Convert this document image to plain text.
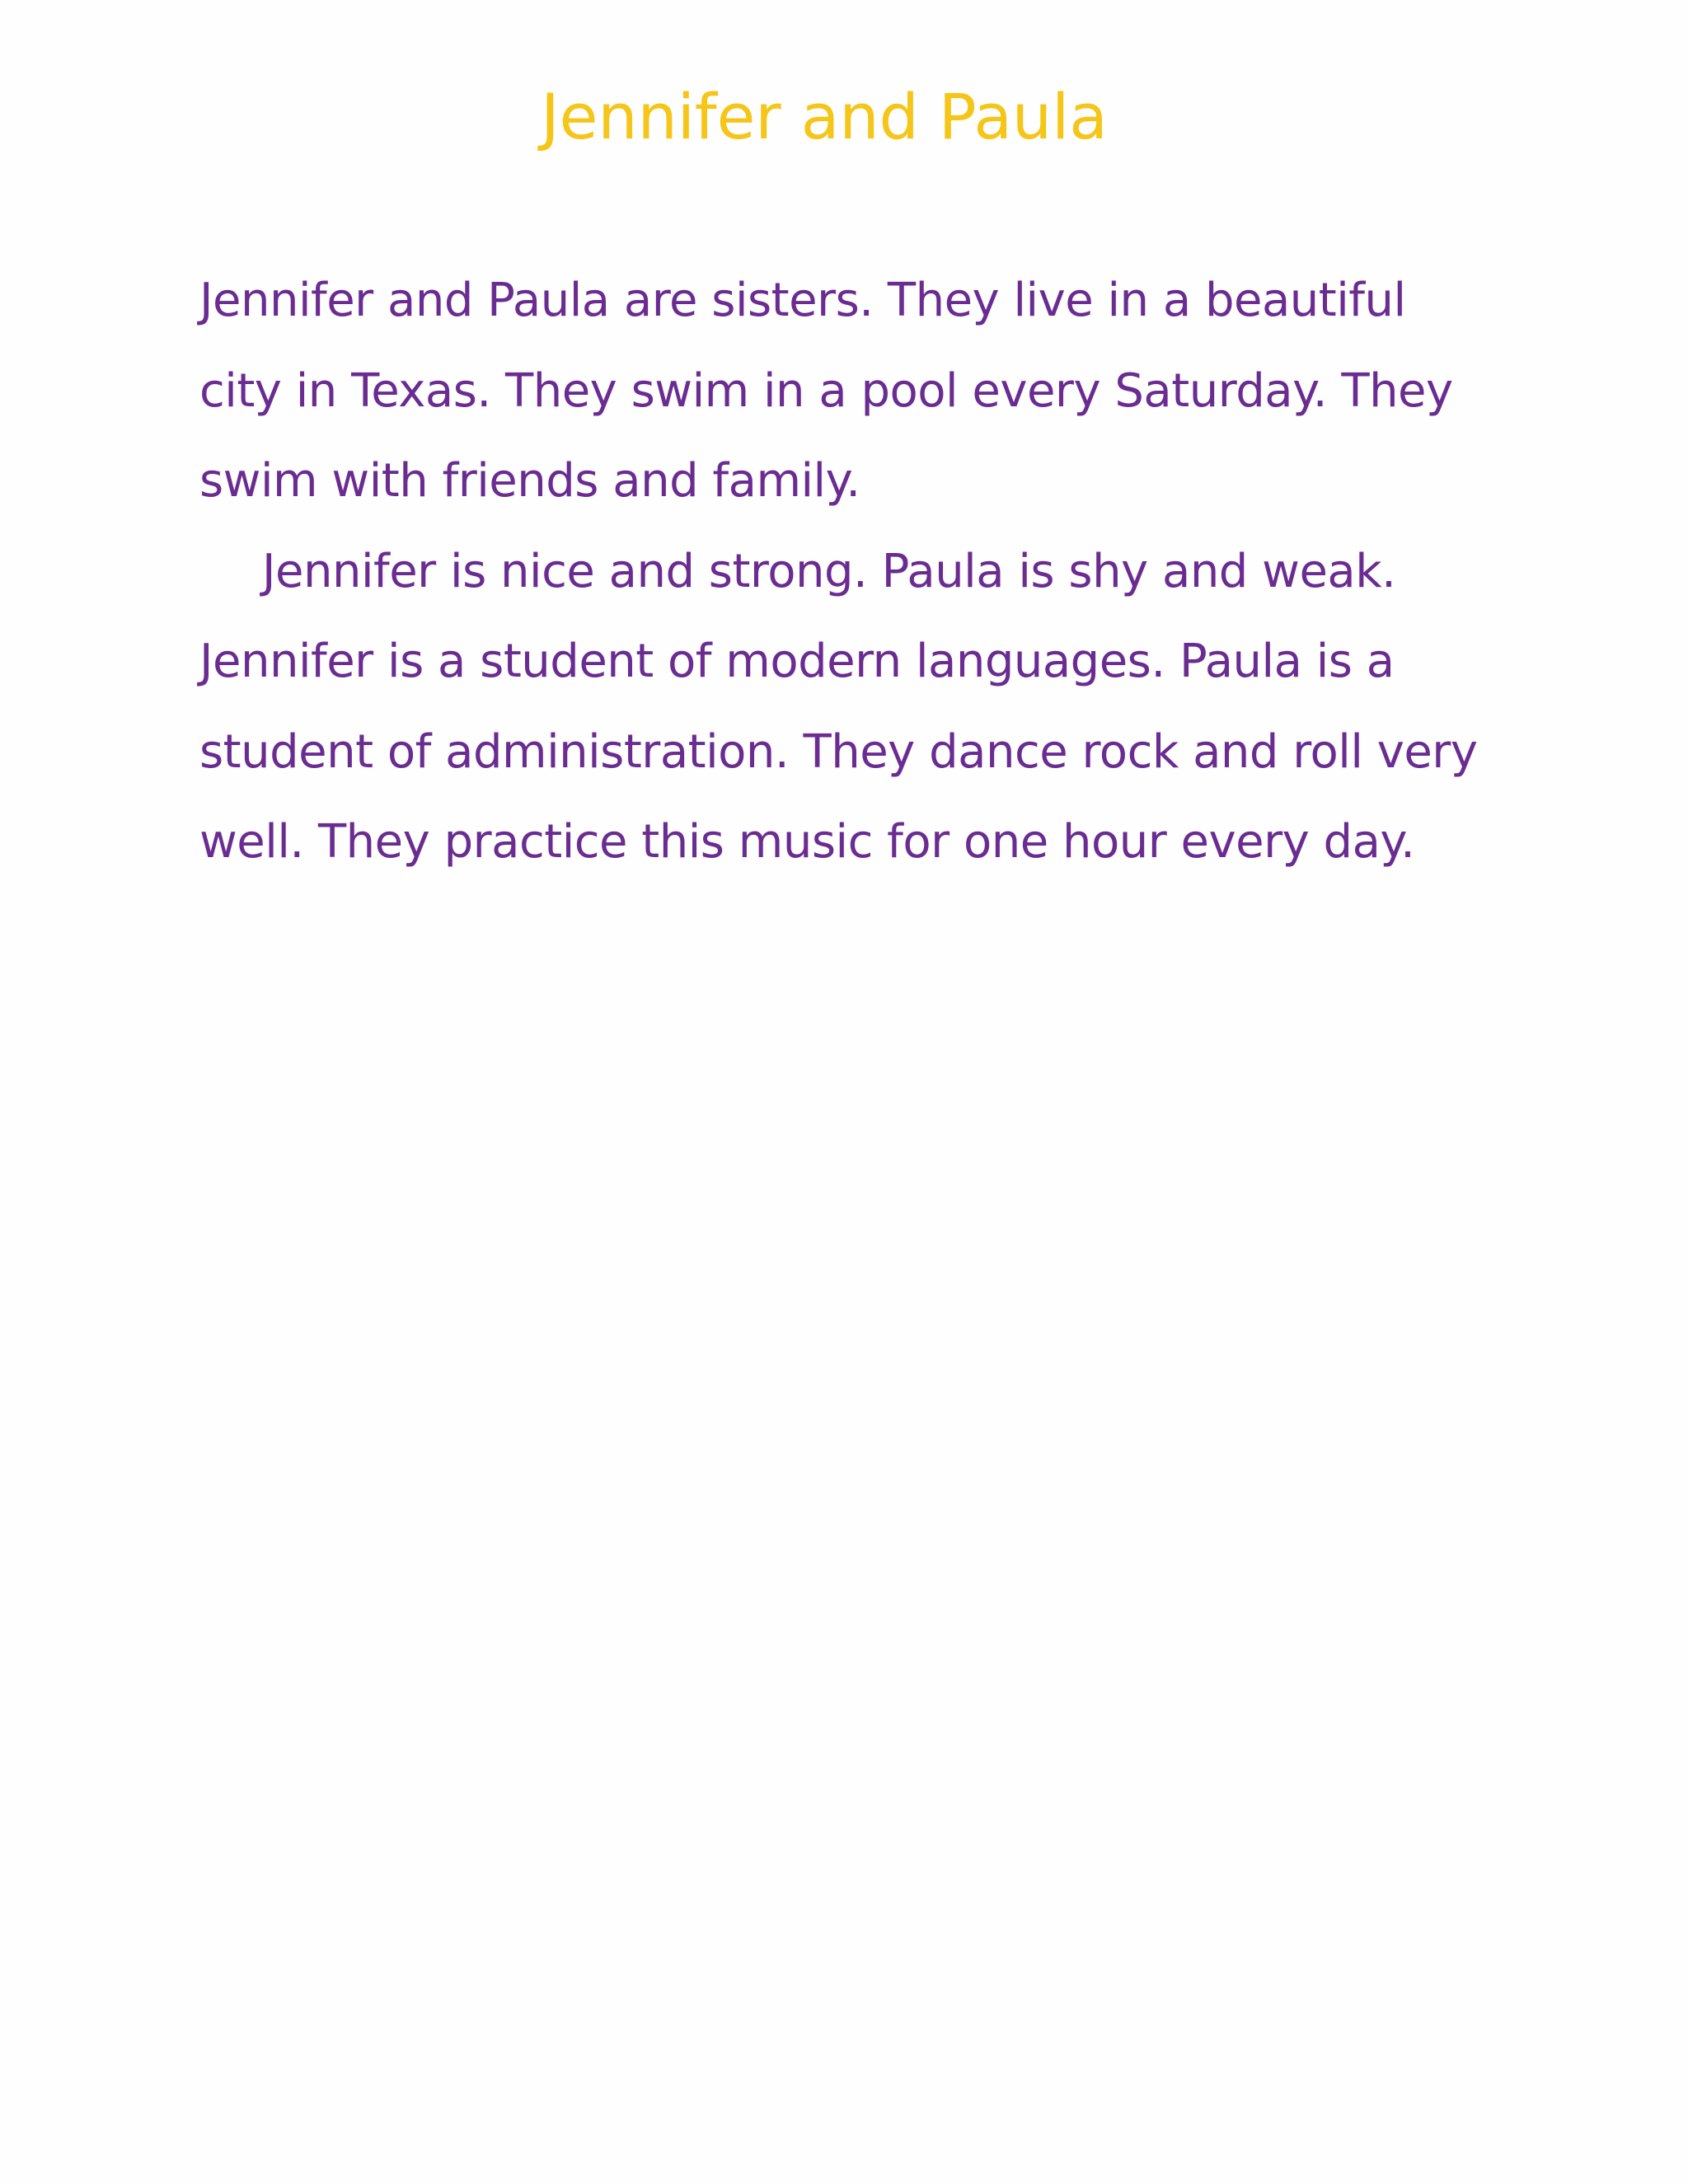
Jennifer and Paula
Jennifer and Paula are sisters. They live in a beautiful
city in Texas. They swim in a pool every Saturday. They
swim with friends and family.
Jennifer is nice and strong. Paula is shy and weak.
Jennifer is a student of modern languages. Paula is a
student of administration. They dance rock and roll very
well. They practice this music for one hour every day.
